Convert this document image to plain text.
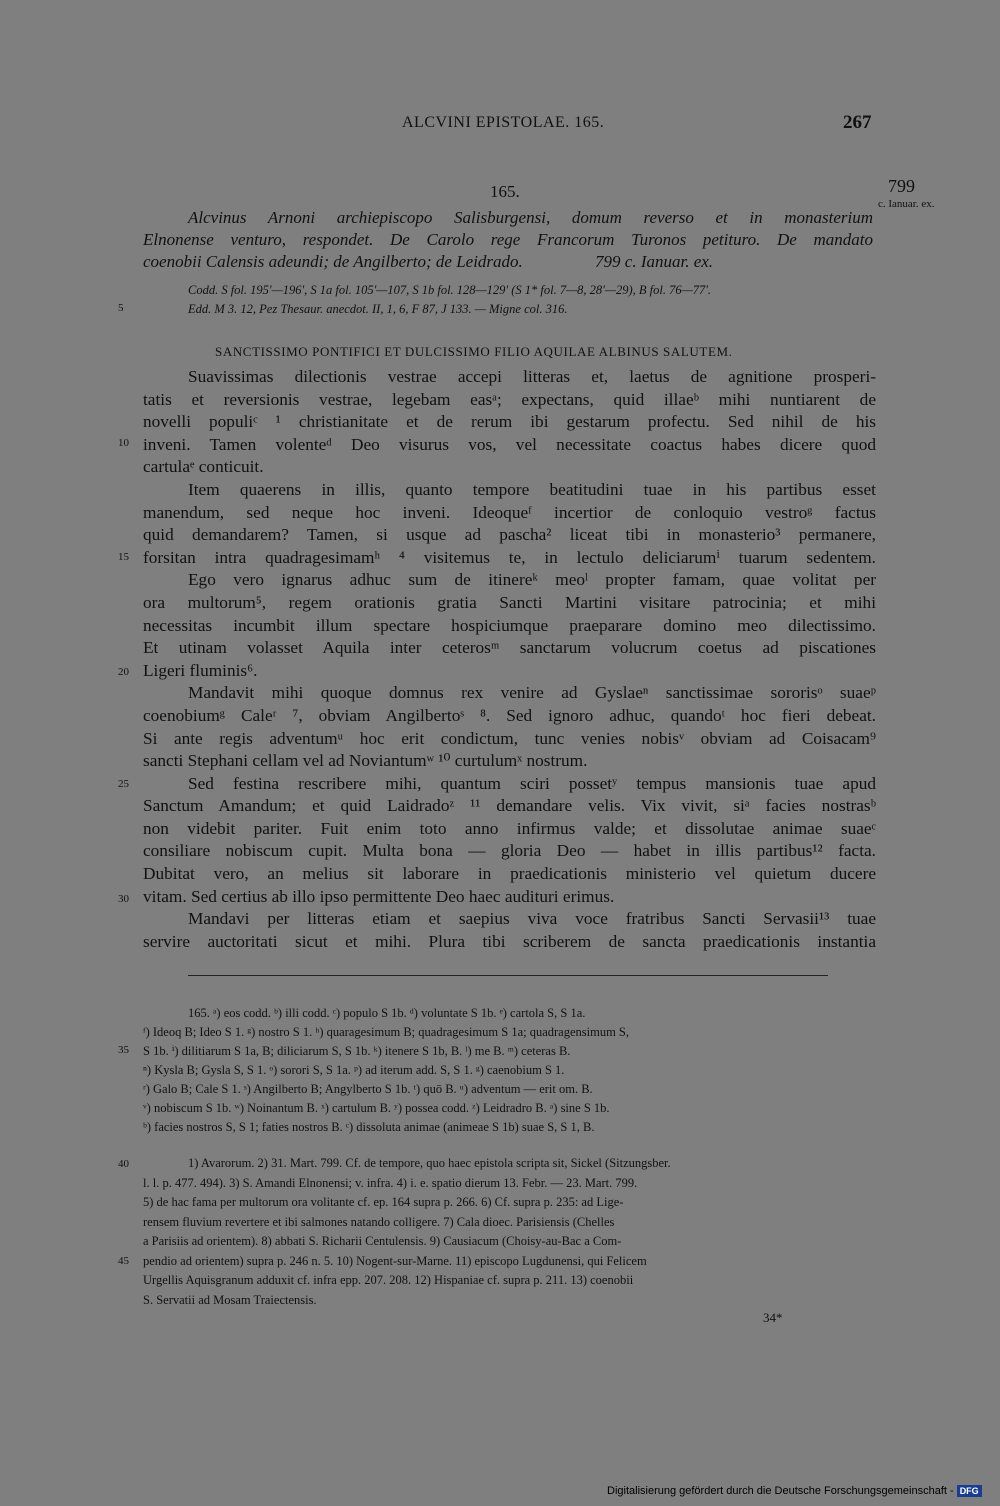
ALCVINI EPISTOLAE. 165.	267
165.	799
c. Ianuar. ex.
Alcvinus Arnoni archiepiscopo Salisburgensi, domum reverso et in monasterium
Elnonense venturo, respondet. De Carolo rege Francorum Turonos petituro. De mandato
coenobii Calensis adeundi; de Angilberto; de Leidrado.                 799 c. Ianuar. ex.
Codd. S fol. 195'—196', S 1a fol. 105'—107, S 1b fol. 128—129' (S 1* fol. 7—8, 28'—29), B fol. 76—77'.
Edd. M 3. 12, Pez Thesaur. anecdot. II, 1, 6, F 87, J 133. — Migne col. 316.
SANCTISSIMO PONTIFICI ET DULCISSIMO FILIO AQUILAE ALBINUS SALUTEM.
Suavissimas dilectionis vestrae accepi litteras et, laetus de agnitione prosperi-
tatis et reversionis vestrae, legebam easᵃ; expectans, quid illaeᵇ mihi nuntiarent de
novelli populiᶜ ¹ christianitate et de rerum ibi gestarum profectu. Sed nihil de his
inveni. Tamen volenteᵈ Deo visurus vos, vel necessitate coactus habes dicere quod
cartulaᵉ conticuit.
Item quaerens in illis, quanto tempore beatitudini tuae in his partibus esset
manendum, sed neque hoc inveni. Ideoqueᶠ incertior de conloquio vestroᵍ factus
quid demandarem? Tamen, si usque ad pascha² liceat tibi in monasterio³ permanere,
forsitan intra quadragesimamʰ ⁴ visitemus te, in lectulo deliciarumⁱ tuarum sedentem.
Ego vero ignarus adhuc sum de itinereᵏ meoˡ propter famam, quae volitat per
ora multorum⁵, regem orationis gratia Sancti Martini visitare patrocinia; et mihi
necessitas incumbit illum spectare hospiciumque praeparare domino meo dilectissimo.
Et utinam volasset Aquila inter ceterosᵐ sanctarum volucrum coetus ad piscationes
Ligeri fluminis⁶.
Mandavit mihi quoque domnus rex venire ad Gyslaeⁿ sanctissimae sororisᵒ suaeᵖ
coenobiumᵍ Caleʳ ⁷, obviam Angilbertoˢ ⁸. Sed ignoro adhuc, quandoᵗ hoc fieri debeat.
Si ante regis adventumᵘ hoc erit condictum, tunc venies nobisᵛ obviam ad Coisacam⁹
sancti Stephani cellam vel ad Noviantumʷ ¹⁰ curtulumˣ nostrum.
Sed festina rescribere mihi, quantum sciri possetʸ tempus mansionis tuae apud
Sanctum Amandum; et quid Laidradoᶻ ¹¹ demandare velis. Vix vivit, siᵃ facies nostrasᵇ
non videbit pariter. Fuit enim toto anno infirmus valde; et dissolutae animae suaeᶜ
consiliare nobiscum cupit. Multa bona — gloria Deo — habet in illis partibus¹² facta.
Dubitat vero, an melius sit laborare in praedicationis ministerio vel quietum ducere
vitam. Sed certius ab illo ipso permittente Deo haec audituri erimus.
Mandavi per litteras etiam et saepius viva voce fratribus Sancti Servasii¹³ tuae
servire auctoritati sicut et mihi. Plura tibi scriberem de sancta praedicationis instantia
5
10
15
20
25
30
35
40
45
165. ᵃ) eos codd. ᵇ) illi codd. ᶜ) populo S 1b. ᵈ) voluntate S 1b. ᵉ) cartola S, S 1a.
ᶠ) Ideoq B; Ideo S 1. ᵍ) nostro S 1. ʰ) quaragesimum B; quadragesimum S 1a; quadragensimum S,
S 1b. ⁱ) dilitiarum S 1a, B; diliciarum S, S 1b. ᵏ) itenere S 1b, B. ˡ) me B. ᵐ) ceteras B.
ⁿ) Kysla B; Gysla S, S 1. ᵒ) sorori S, S 1a. ᵖ) ad iterum add. S, S 1. ᵍ) caenobium S 1.
ʳ) Galo B; Cale S 1. ˢ) Angilberto B; Angylberto S 1b. ᵗ) quō B. ᵘ) adventum — erit om. B.
ᵛ) nobiscum S 1b. ʷ) Noinantum B. ˣ) cartulum B. ʸ) possea codd. ᶻ) Leidradro B. ᵃ) sine S 1b.
ᵇ) facies nostros S, S 1; faties nostros B. ᶜ) dissoluta animae (animeae S 1b) suae S, S 1, B.
1) Avarorum. 2) 31. Mart. 799. Cf. de tempore, quo haec epistola scripta sit, Sickel (Sitzungsber.
l. l. p. 477. 494). 3) S. Amandi Elnonensi; v. infra. 4) i. e. spatio dierum 13. Febr. — 23. Mart. 799.
5) de hac fama per multorum ora volitante cf. ep. 164 supra p. 266. 6) Cf. supra p. 235: ad Lige-
rensem fluvium revertere et ibi salmones natando colligere. 7) Cala dioec. Parisiensis (Chelles
a Parisiis ad orientem). 8) abbati S. Richarii Centulensis. 9) Causiacum (Choisy-au-Bac a Com-
pendio ad orientem) supra p. 246 n. 5. 10) Nogent-sur-Marne. 11) episcopo Lugdunensi, qui Felicem
Urgellis Aquisgranum adduxit cf. infra epp. 207. 208. 12) Hispaniae cf. supra p. 211. 13) coenobii
S. Servatii ad Mosam Traiectensis.
34*
Digitalisierung gefördert durch die Deutsche Forschungsgemeinschaft - DFG
